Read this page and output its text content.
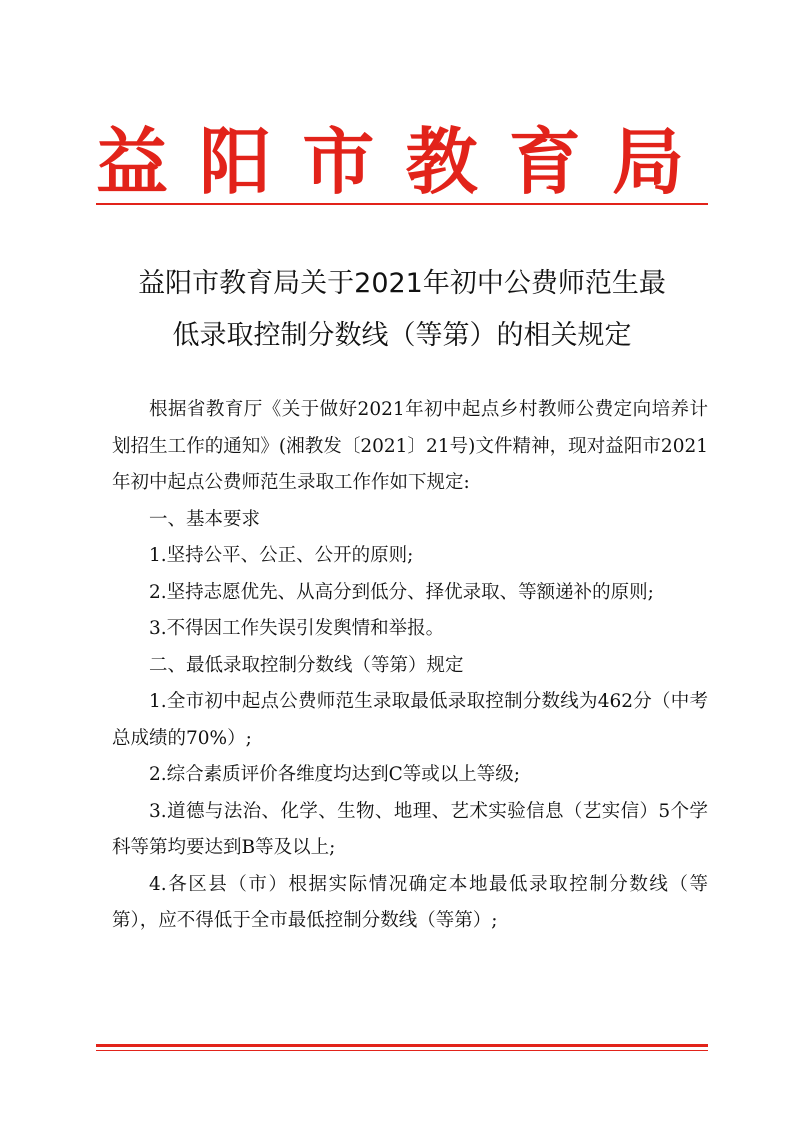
益阳市教育局
益阳市教育局关于2021年初中公费师范生最
低录取控制分数线（等第）的相关规定

根据省教育厅《关于做好2021年初中起点乡村教师公费定向培养计划招生工作的通知》(湘教发〔2021〕21号)文件精神，现对益阳市2021年初中起点公费师范生录取工作作如下规定:

一、基本要求

1.坚持公平、公正、公开的原则;

2.坚持志愿优先、从高分到低分、择优录取、等额递补的原则;

3.不得因工作失误引发舆情和举报。

二、最低录取控制分数线（等第）规定

1.全市初中起点公费师范生录取最低录取控制分数线为462分（中考总成绩的70%）;

2.综合素质评价各维度均达到C等或以上等级;

3.道德与法治、化学、生物、地理、艺术实验信息（艺实信）5个学科等第均要达到B等及以上;

4.各区县（市）根据实际情况确定本地最低录取控制分数线（等第），应不得低于全市最低控制分数线（等第）;
